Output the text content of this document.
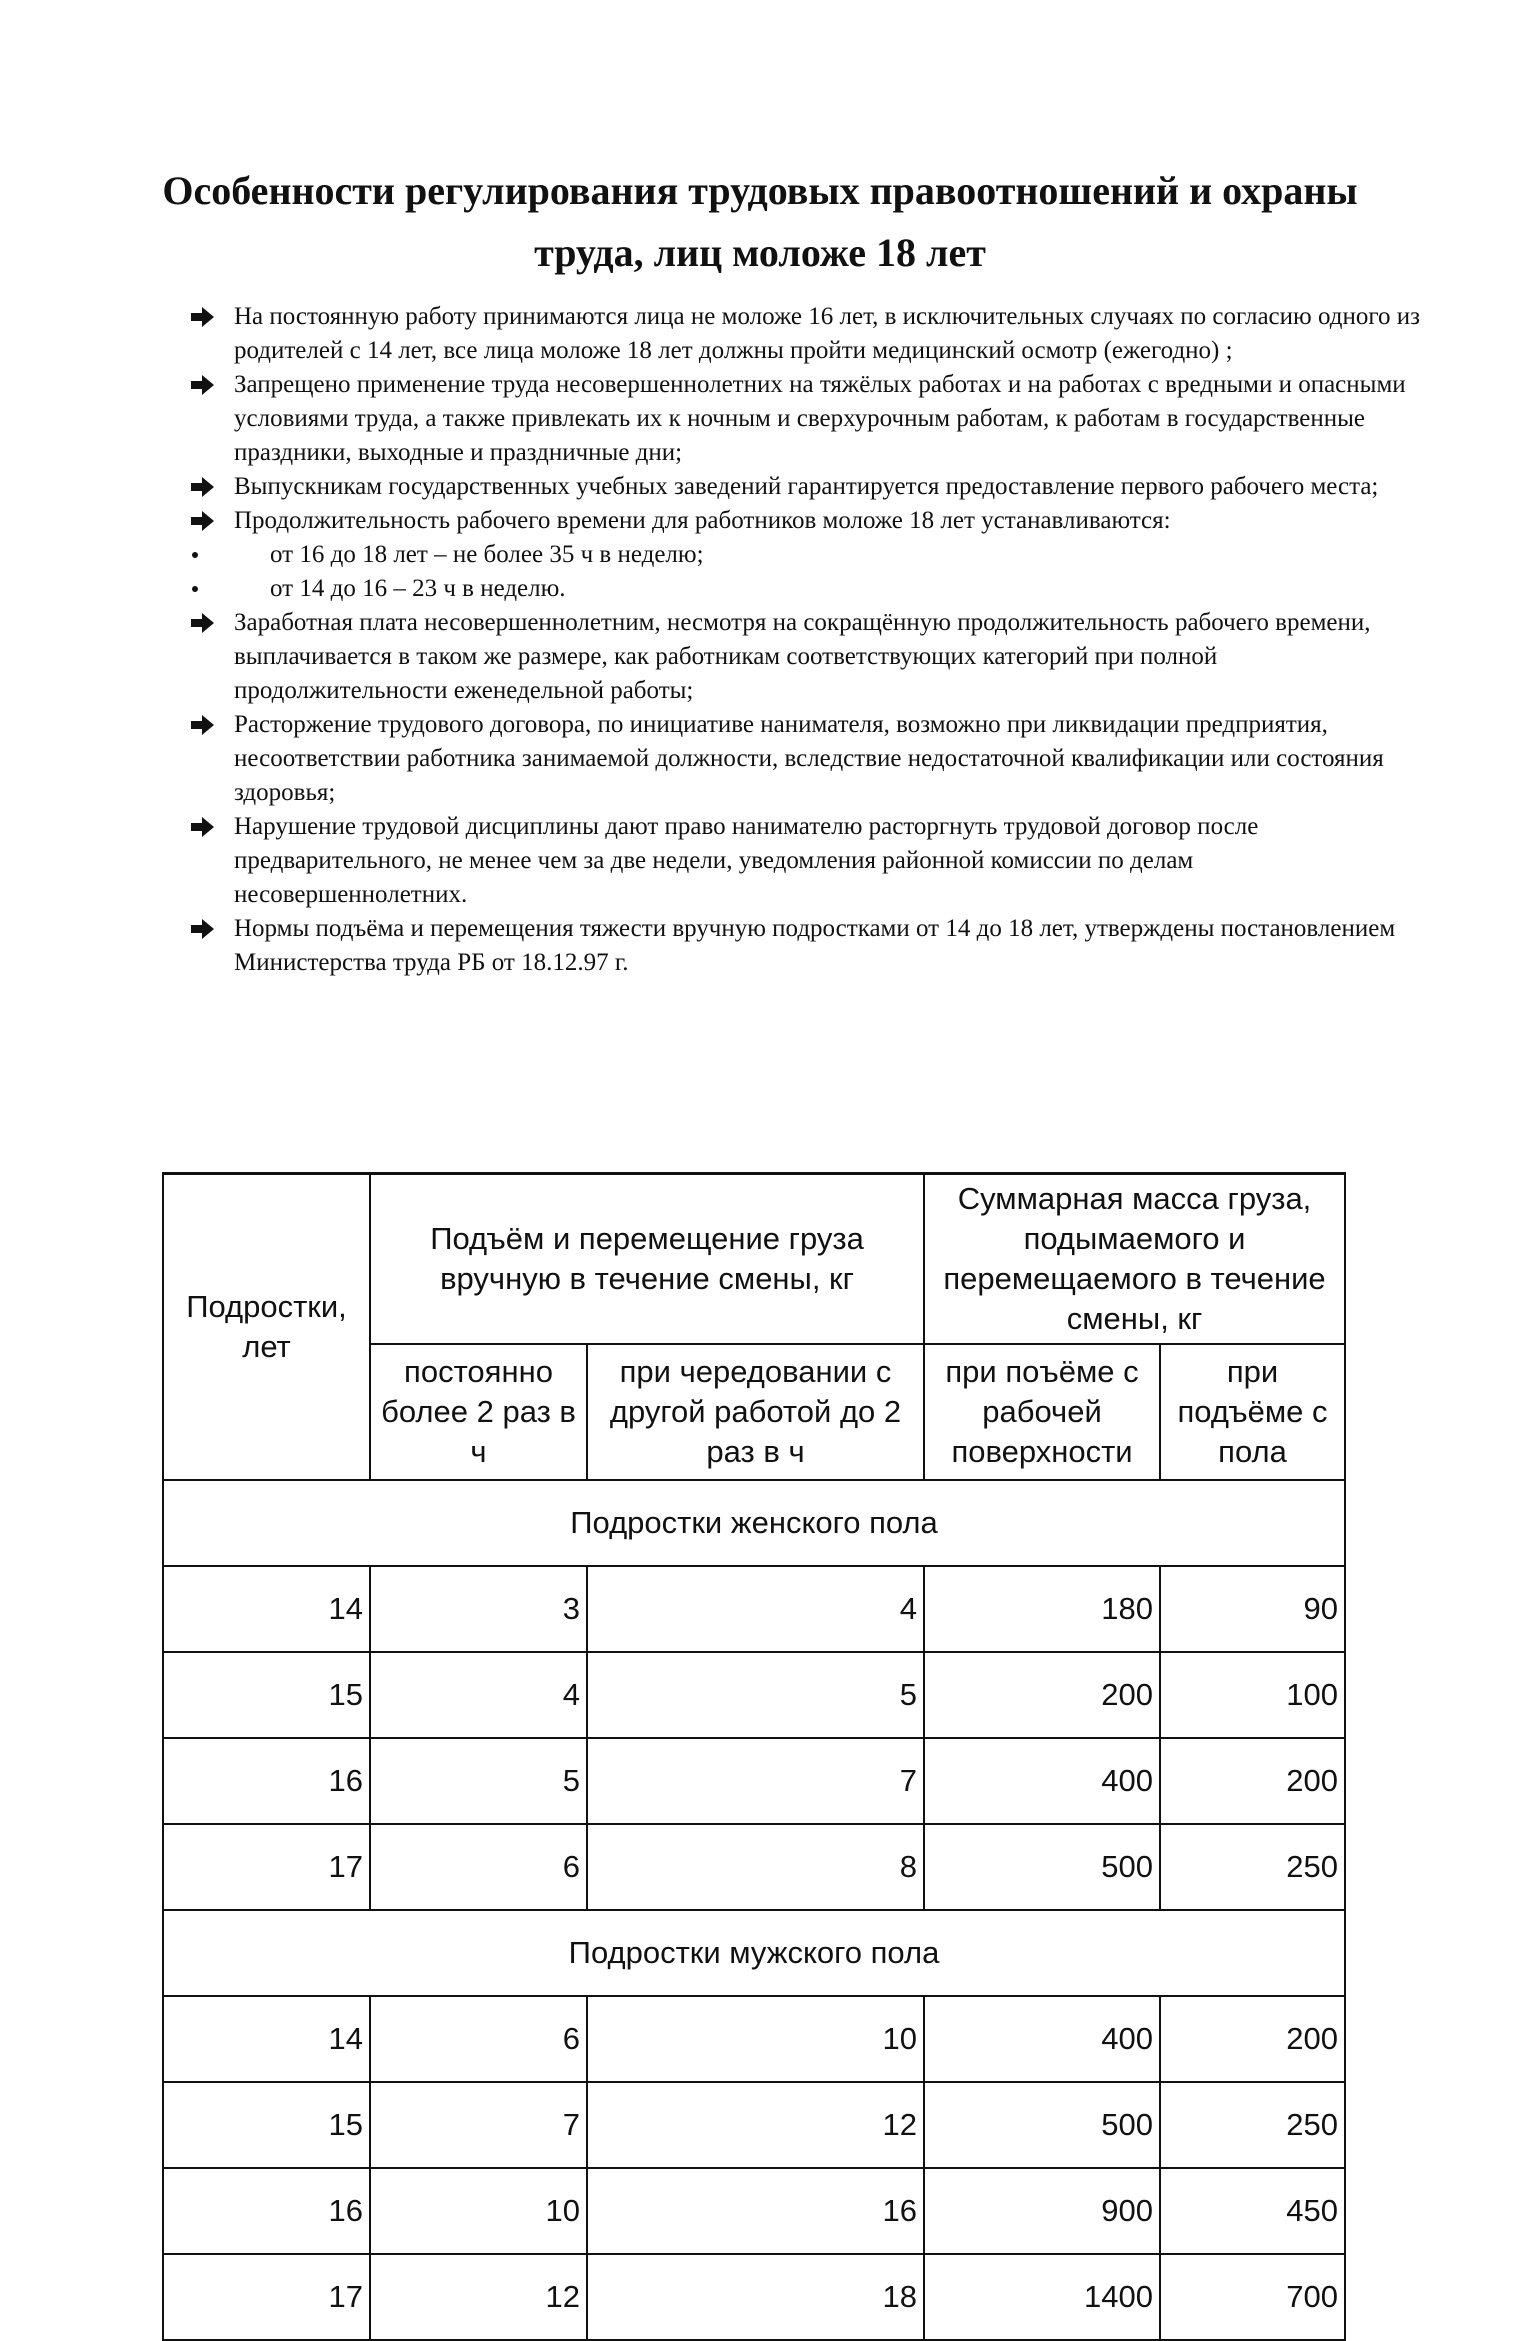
Особенности регулирования трудовых правоотношений и охраны труда, лиц моложе 18 лет
На постоянную работу принимаются лица не моложе 16 лет, в исключительных случаях по согласию одного из родителей с 14 лет, все лица моложе 18 лет должны пройти медицинский осмотр (ежегодно) ;
Запрещено применение труда несовершеннолетних на тяжёлых работах и на работах с вредными и опасными условиями труда, а также привлекать их к ночным и сверхурочным работам, к работам в государственные праздники, выходные и праздничные дни;
Выпускникам государственных учебных заведений гарантируется предоставление первого рабочего места;
Продолжительность рабочего времени для работников моложе 18 лет устанавливаются:
от 16 до 18 лет – не более 35 ч в неделю;
от 14 до 16 – 23 ч в неделю.
Заработная плата несовершеннолетним, несмотря на сокращённую продолжительность рабочего времени, выплачивается в таком же размере, как работникам соответствующих категорий при полной продолжительности еженедельной работы;
Расторжение трудового договора, по инициативе нанимателя, возможно при ликвидации предприятия, несоответствии работника занимаемой должности, вследствие недостаточной квалификации или состояния здоровья;
Нарушение трудовой дисциплины дают право нанимателю расторгнуть трудовой договор после предварительного, не менее чем за две недели, уведомления районной комиссии по делам несовершеннолетних.
Нормы подъёма и перемещения тяжести вручную подростками от 14 до 18 лет, утверждены постановлением Министерства труда РБ от 18.12.97 г.
Подростки, лет	Подъём и перемещение груза вручную в течение смены, кг		Суммарная масса груза, подымаемого и перемещаемого в течение смены, кг	
	постоянно более 2 раз в ч	при чередовании с другой работой до 2 раз в ч	при поъёме с рабочей поверхности	при подъёме с пола
Подростки женского пола				
14	3	4	180	90
15	4	5	200	100
16	5	7	400	200
17	6	8	500	250
Подростки мужского пола				
14	6	10	400	200
15	7	12	500	250
16	10	16	900	450
17	12	18	1400	700
